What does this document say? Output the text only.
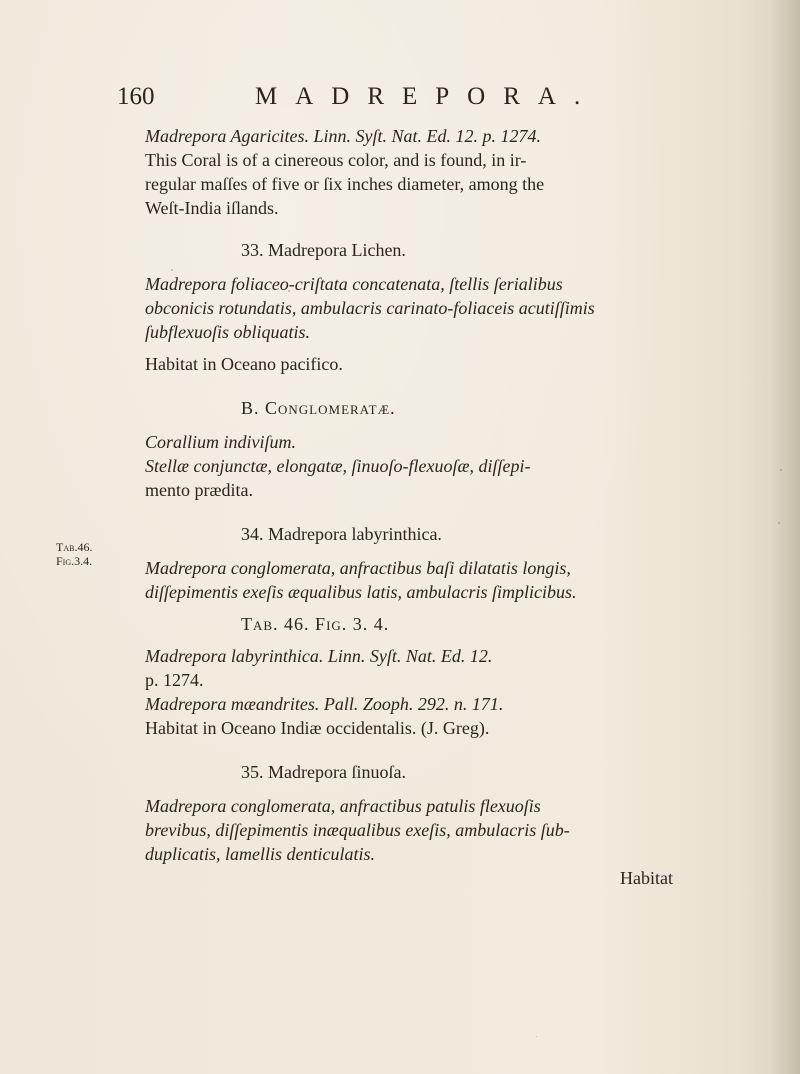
160	MADREPORA.
Tab.46.
Fig.3.4.
Madrepora Agaricites. Linn. Syſt. Nat. Ed. 12. p. 1274.
This Coral is of a cinereous color, and is found, in ir-
regular maſſes of five or ſix inches diameter, among the
Weſt-India iſlands.
33. Madrepora Lichen.
Madrepora foliaceo-criſtata concatenata, ſtellis ſerialibus
obconicis rotundatis, ambulacris carinato-foliaceis acutiſſimis
ſubflexuoſis obliquatis.
Habitat in Oceano pacifico.
B. Conglomeratæ.
Corallium indiviſum.
Stellæ conjunctæ, elongatæ, ſinuoſo-flexuoſæ, diſſepi-
mento prædita.
34. Madrepora labyrinthica.
Madrepora conglomerata, anfractibus baſi dilatatis longis,
diſſepimentis exeſis æqualibus latis, ambulacris ſimplicibus.
Tab. 46. Fig. 3. 4.
Madrepora labyrinthica. Linn. Syſt. Nat. Ed. 12.
p. 1274.
Madrepora mæandrites. Pall. Zooph. 292. n. 171.
Habitat in Oceano Indiæ occidentalis. (J. Greg).
35. Madrepora ſinuoſa.
Madrepora conglomerata, anfractibus patulis flexuoſis
brevibus, diſſepimentis inæqualibus exeſis, ambulacris ſub-
duplicatis, lamellis denticulatis.
Habitat
